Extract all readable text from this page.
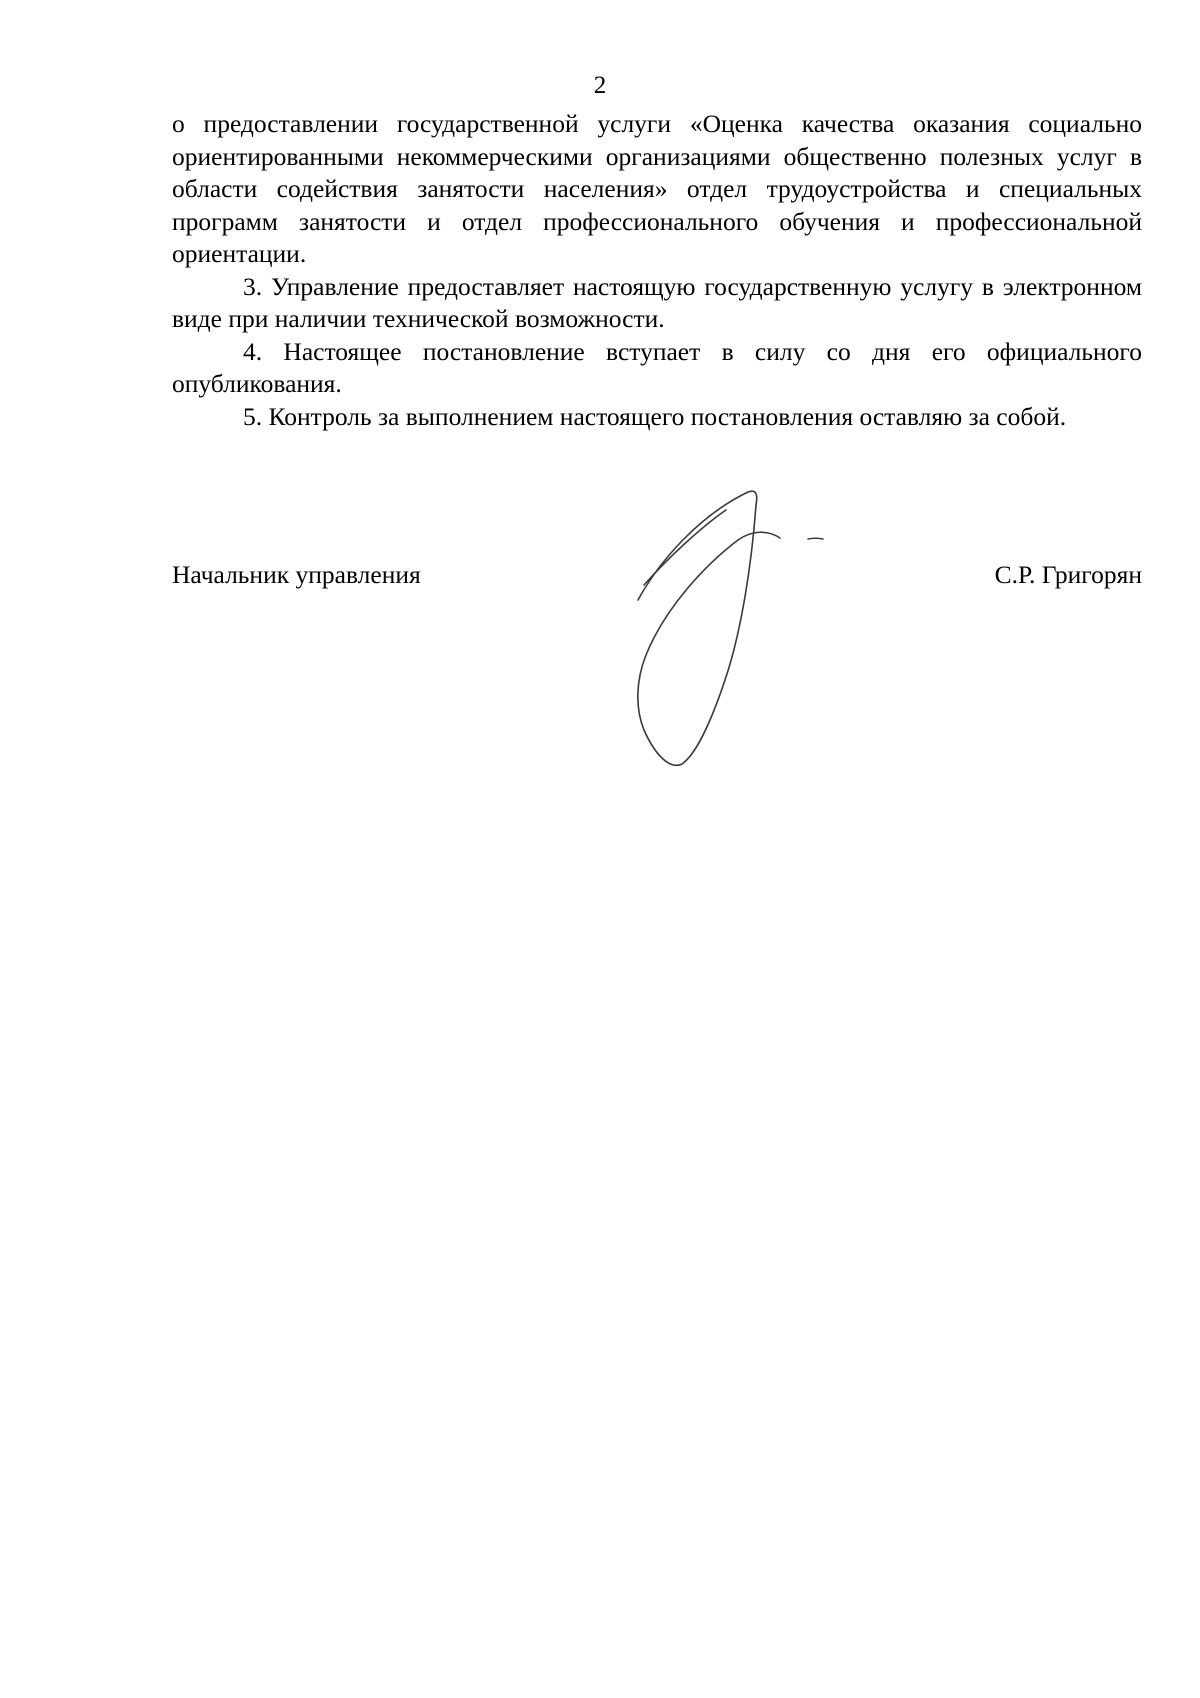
2

о предоставлении государственной услуги «Оценка качества оказания социально ориентированными некоммерческими организациями общественно полезных услуг в области содействия занятости населения» отдел трудоустройства и специальных программ занятости и отдел профессионального обучения и профессиональной ориентации.

3. Управление предоставляет настоящую государственную услугу в электронном виде при наличии технической возможности.

4. Настоящее постановление вступает в силу со дня его официального опубликования.

5. Контроль за выполнением настоящего постановления оставляю за собой.

Начальник управления	С.Р. Григорян
